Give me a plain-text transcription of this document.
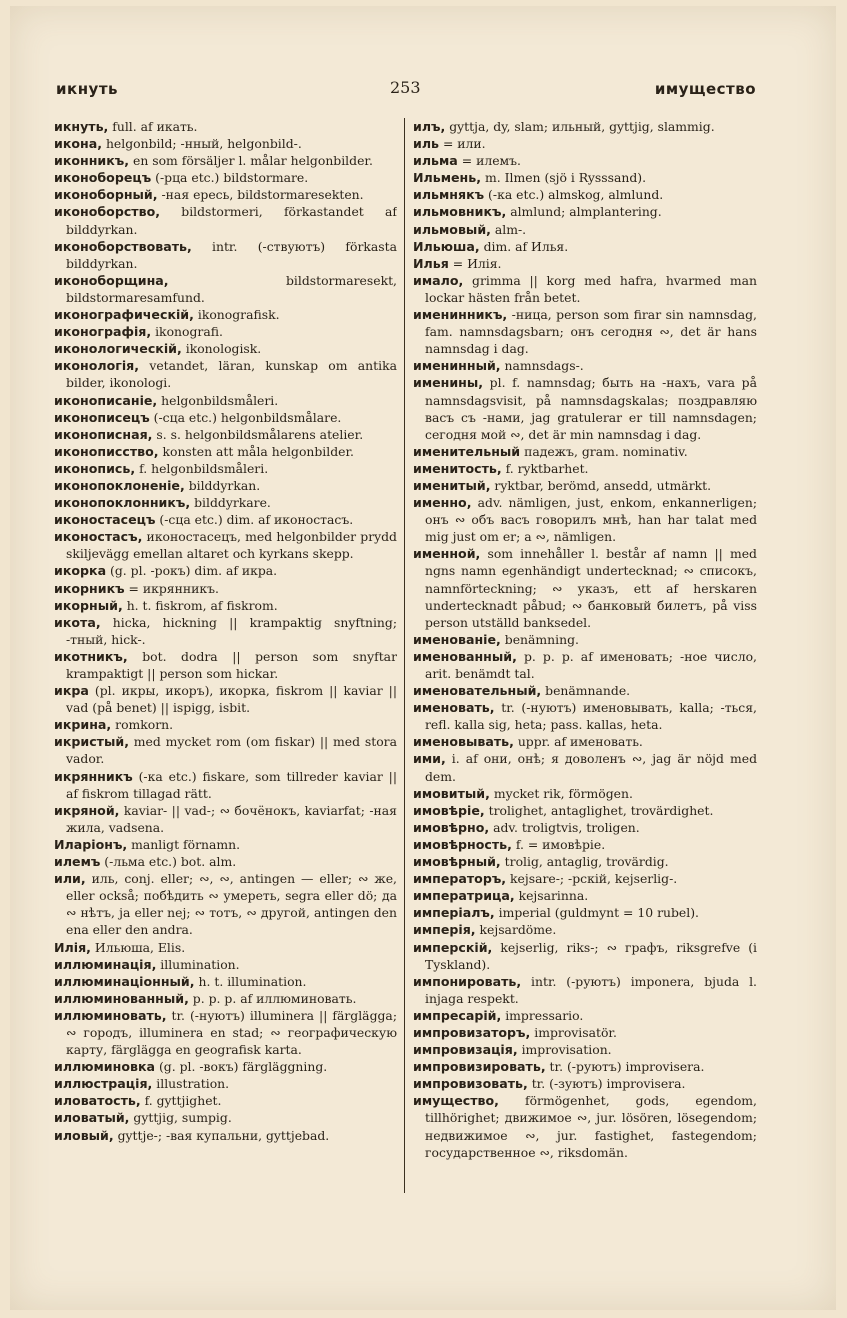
икнуть	253	имущество

икнуть, full. af икать.

икона, helgonbild; -нный, helgonbild-.

иконникъ, en som försäljer l. målar helgonbilder.

иконоборецъ (-рца etc.) bildstormare.

иконоборный, -ная ересь, bildstormaresekten.

иконоборство, bildstormeri, förkastandet af bilddyrkan.

иконоборствовать, intr. (-ствуютъ) förkasta bilddyrkan.

иконоборщина, bildstormaresekt, bildstormaresamfund.

иконографическій, ikonografisk.

иконографія, ikonografi.

иконологическій, ikonologisk.

иконологія, vetandet, läran, kunskap om antika bilder, ikonologi.

иконописаніе, helgonbildsmåleri.

иконописецъ (-сца etc.) helgonbildsmålare.

иконописная, s. s. helgonbildsmålarens atelier.

иконописство, konsten att måla helgonbilder.

иконопись, f. helgonbildsmåleri.

иконопоклоненіе, bilddyrkan.

иконопоклонникъ, bilddyrkare.

иконостасецъ (-сца etc.) dim. af иконостасъ.

иконостасъ, иконостасецъ, med helgonbilder prydd skiljevägg emellan altaret och kyrkans skepp.

икорка (g. pl. -рокъ) dim. af икра.

икорникъ = икрянникъ.

икорный, h. t. fiskrom, af fiskrom.

икота, hicka, hickning || krampaktig snyftning; -тный, hick-.

икотникъ, bot. dodra || person som snyftar krampaktigt || person som hickar.

икра (pl. икры, икоръ), икорка, fiskrom || kaviar || vad (på benet) || ispigg, isbit.

икрина, romkorn.

икристый, med mycket rom (om fiskar) || med stora vador.

икрянникъ (-ка etc.) fiskare, som tillreder kaviar || af fiskrom tillagad rätt.

икряной, kaviar- || vad-; ∾ бочёнокъ, kaviarfat; -ная жила, vadsena.

Иларіонъ, manligt förnamn.

илемъ (-льма etc.) bot. alm.

или, иль, conj. eller; ∾, ∾, antingen — eller; ∾ же, eller också; побѣдить ∾ умереть, segra eller dö; да ∾ нѣтъ, ja eller nej; ∾ тотъ, ∾ другой, antingen den ena eller den andra.

Илія, Ильюша, Elis.

иллюминація, illumination.

иллюминаціонный, h. t. illumination.

иллюминованный, p. p. p. af иллюминовать.

иллюминовать, tr. (-нуютъ) illuminera || färglägga; ∾ городъ, illuminera en stad; ∾ географическую карту, färglägga en geografisk karta.

иллюминовка (g. pl. -вокъ) färgläggning.

иллюстрація, illustration.

иловатость, f. gyttjighet.

иловатый, gyttjig, sumpig.

иловый, gyttje-; -вая купальни, gyttjebad.

илъ, gyttja, dy, slam; ильный, gyttjig, slammig.

иль = или.

ильма = илемъ.

Ильмень, m. Ilmen (sjö i Rysssand).

ильмнякъ (-ка etc.) almskog, almlund.

ильмовникъ, almlund; almplantering.

ильмовый, alm-.

Ильюша, dim. af Илья.

Илья = Илія.

имало, grimma || korg med hafra, hvarmed man lockar hästen från betet.

именинникъ, -ница, person som firar sin namnsdag, fam. namnsdagsbarn; онъ сегодня ∾, det är hans namnsdag i dag.

именинный, namnsdags-.

именины, pl. f. namnsdag; быть на -нахъ, vara på namnsdagsvisit, på namnsdagskalas; поздравляю васъ съ -нами, jag gratulerar er till namnsdagen; сегодня мой ∾, det är min namnsdag i dag.

именительный падежъ, gram. nominativ.

именитость, f. ryktbarhet.

именитый, ryktbar, berömd, ansedd, utmärkt.

именно, adv. nämligen, just, enkom, enkannerligen; онъ ∾ объ васъ говорилъ мнѣ, han har talat med mig just om er; а ∾, nämligen.

именной, som innehåller l. består af namn || med ngns namn egenhändigt undertecknad; ∾ списокъ, namnförteckning; ∾ указъ, ett af herskaren undertecknadt påbud; ∾ банковый билетъ, på viss person utställd banksedel.

именованіе, benämning.

именованный, p. p. p. af именовать; -ное число, arit. benämdt tal.

именовательный, benämnande.

именовать, tr. (-нуютъ) именовывать, kalla; -ться, refl. kalla sig, heta; pass. kallas, heta.

именовывать, uppr. af именовать.

ими, i. af они, онѣ; я доволенъ ∾, jag är nöjd med dem.

имовитый, mycket rik, förmögen.

имовѣріе, trolighet, antaglighet, trovärdighet.

имовѣрно, adv. troligtvis, troligen.

имовѣрность, f. = имовѣріе.

имовѣрный, trolig, antaglig, trovärdig.

императоръ, kejsare-; -рскій, kejserlig-.

императрица, kejsarinna.

имперіалъ, imperial (guldmynt = 10 rubel).

имперія, kejsardöme.

имперскій, kejserlig, riks-; ∾ графъ, riksgrefve (i Tyskland).

импонировать, intr. (-руютъ) imponera, bjuda l. injaga respekt.

импресарій, impressario.

импровизаторъ, improvisatör.

импровизація, improvisation.

импровизировать, tr. (-руютъ) improvisera.

импровизовать, tr. (-зуютъ) improvisera.

имущество, förmögenhet, gods, egendom, tillhörighet; движимое ∾, jur. lösören, lösegendom; недвижимое ∾, jur. fastighet, fastegendom; государственное ∾, riksdomän.
